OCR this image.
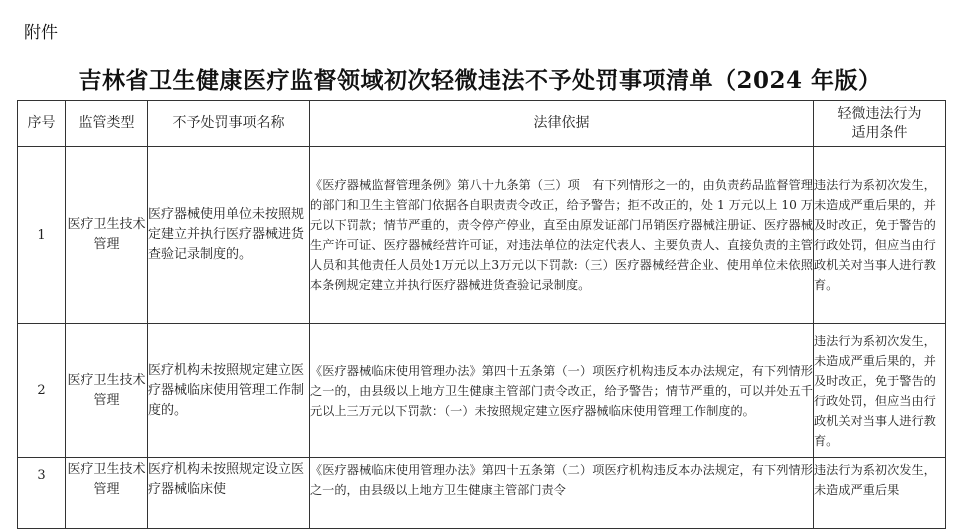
附件
吉林省卫生健康医疗监督领域初次轻微违法不予处罚事项清单（2024 年版）
序号	监管类型	不予处罚事项名称	法律依据	轻微违法行为
适用条件

1	医疗卫生技术管理	医疗器械使用单位未按照规定建立并执行医疗器械进货查验记录制度的。	《医疗器械监督管理条例》第八十九条第（三）项　有下列情形之一的，由负责药品监督管理的部门和卫生主管部门依据各自职责责令改正，给予警告；拒不改正的，处 1 万元以上 10 万元以下罚款；情节严重的，责令停产停业，直至由原发证部门吊销医疗器械注册证、医疗器械生产许可证、医疗器械经营许可证，对违法单位的法定代表人、主要负责人、直接负责的主管人员和其他责任人员处1万元以上3万元以下罚款:（三）医疗器械经营企业、使用单位未依照本条例规定建立并执行医疗器械进货查验记录制度。	违法行为系初次发生，未造成严重后果的，并及时改正，免于警告的行政处罚，但应当由行政机关对当事人进行教育。
2	医疗卫生技术管理	医疗机构未按照规定建立医疗器械临床使用管理工作制度的。	《医疗器械临床使用管理办法》第四十五条第（一）项医疗机构违反本办法规定，有下列情形之一的，由县级以上地方卫生健康主管部门责令改正，给予警告；情节严重的，可以并处五千元以上三万元以下罚款：（一）未按照规定建立医疗器械临床使用管理工作制度的。	违法行为系初次发生，未造成严重后果的，并及时改正，免于警告的行政处罚，但应当由行政机关对当事人进行教育。
3	医疗卫生技术管理	医疗机构未按照规定设立医疗器械临床使	《医疗器械临床使用管理办法》第四十五条第（二）项医疗机构违反本办法规定，有下列情形之一的，由县级以上地方卫生健康主管部门责令	违法行为系初次发生，未造成严重后果
